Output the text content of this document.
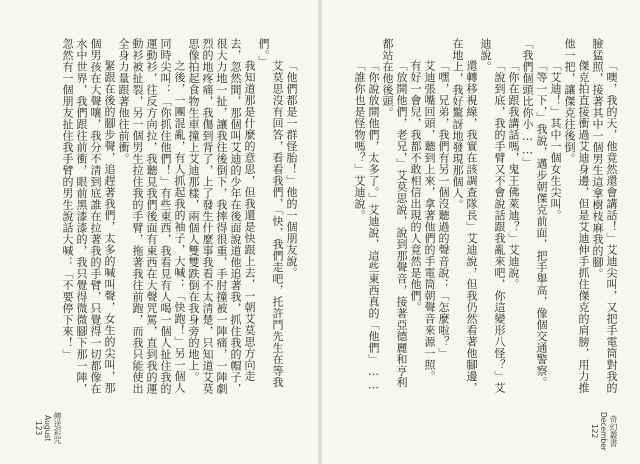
「他們都是一群怪胎！」他的一個朋友說。

艾莫思沒有回答，看看我們，「快，我們走吧，托許鬥先生在等我們。」

我知道那是什麼的意思，但我還是快跟上去，一朝艾莫思方向走去，忽然間，那個叫艾迪的少年在後面說道他追著我，抓住我的帽子，很大力地一扯，讓我往後倒下，我摔得很重，手肘撞被一陣痛，一陣劇烈的地疼痛，我傷到背了，上了發生什麼事我看不太清楚，只知道艾莫思像拍起食物生車撞上艾迪那樣，兩個人雙雙跌倒在我身旁的地上。

之後，一團混亂，有人抓起我的袖子，大喊：「快跑！」另一個人同時尖叫：「你抓住他們！」有些東西，我看見有人喝一個人扯住我的運動衫，往反方向拉，我聽見我們後面有東西在大聲咒罵，直到我的運動衫被扯裂，另一個男生拉住我的手臂，拖著我往前跑，而我只能使出全身力量跟著他往前衝。

緊跟在後的腳步聲，追趕著我們，太多的喊叫聲，女生的尖叫，那個男孩在大聲嚷，我分不清到底誰在拉著我的手臂，只覺得一切都像在水中世界，我們跟往前衝，眼前黑漆漆的，我只覺得微微腳下那一陣，忽然有一個朋友扯住我手臂的男生說話大喊：「不要停下來！」

傳送彩咒
August
123

「噢，我的天，他竟然還會講話！」艾迪尖叫，又把手電筒對我的臉猛照，接著其中一個男生這拿樹枝麻我的腳。

傑克拍直接衝過艾迪身邊，但是艾迪伸手抓住傑克的肩膀，用力推他一把，讓傑克往後倒。

「艾迪！」其中一個女生尖叫。

「等一下，」我說，邁步朝傑克前面，把手舉高，像個交通警察。「我們個頭比你小……」

「你在跟我講話嗎，鬼王佛萊迪？」艾迪說。

「說到底，我的手臂又不會說話跟我亂來吧，你這變形八怪？」艾迪說。

還轉移視線，我實在該調查隊長」艾迪說，但我仍然看著他腳邊，在地上，我好驚訝地發現那個人。

「嘿，兄弟，我們有另一個沒聽過的聲音說：「怎麼啦？」

艾迪張嘴回頭，聽到上來，拿著他們的手電筒朝聲音來源一照。

有好一會兒，我都不敢相信出現的人竟然是他們。

「放開他們，老兄，」艾莫思說，說到那聲音，接著亞德麗和亨利都站在他後頭。

「你說放開他們，太多了。」艾迪說，這些東西真的「他們」……

「誰你也是怪物嗎？」艾迪說。

奇幻叢書
December
122
